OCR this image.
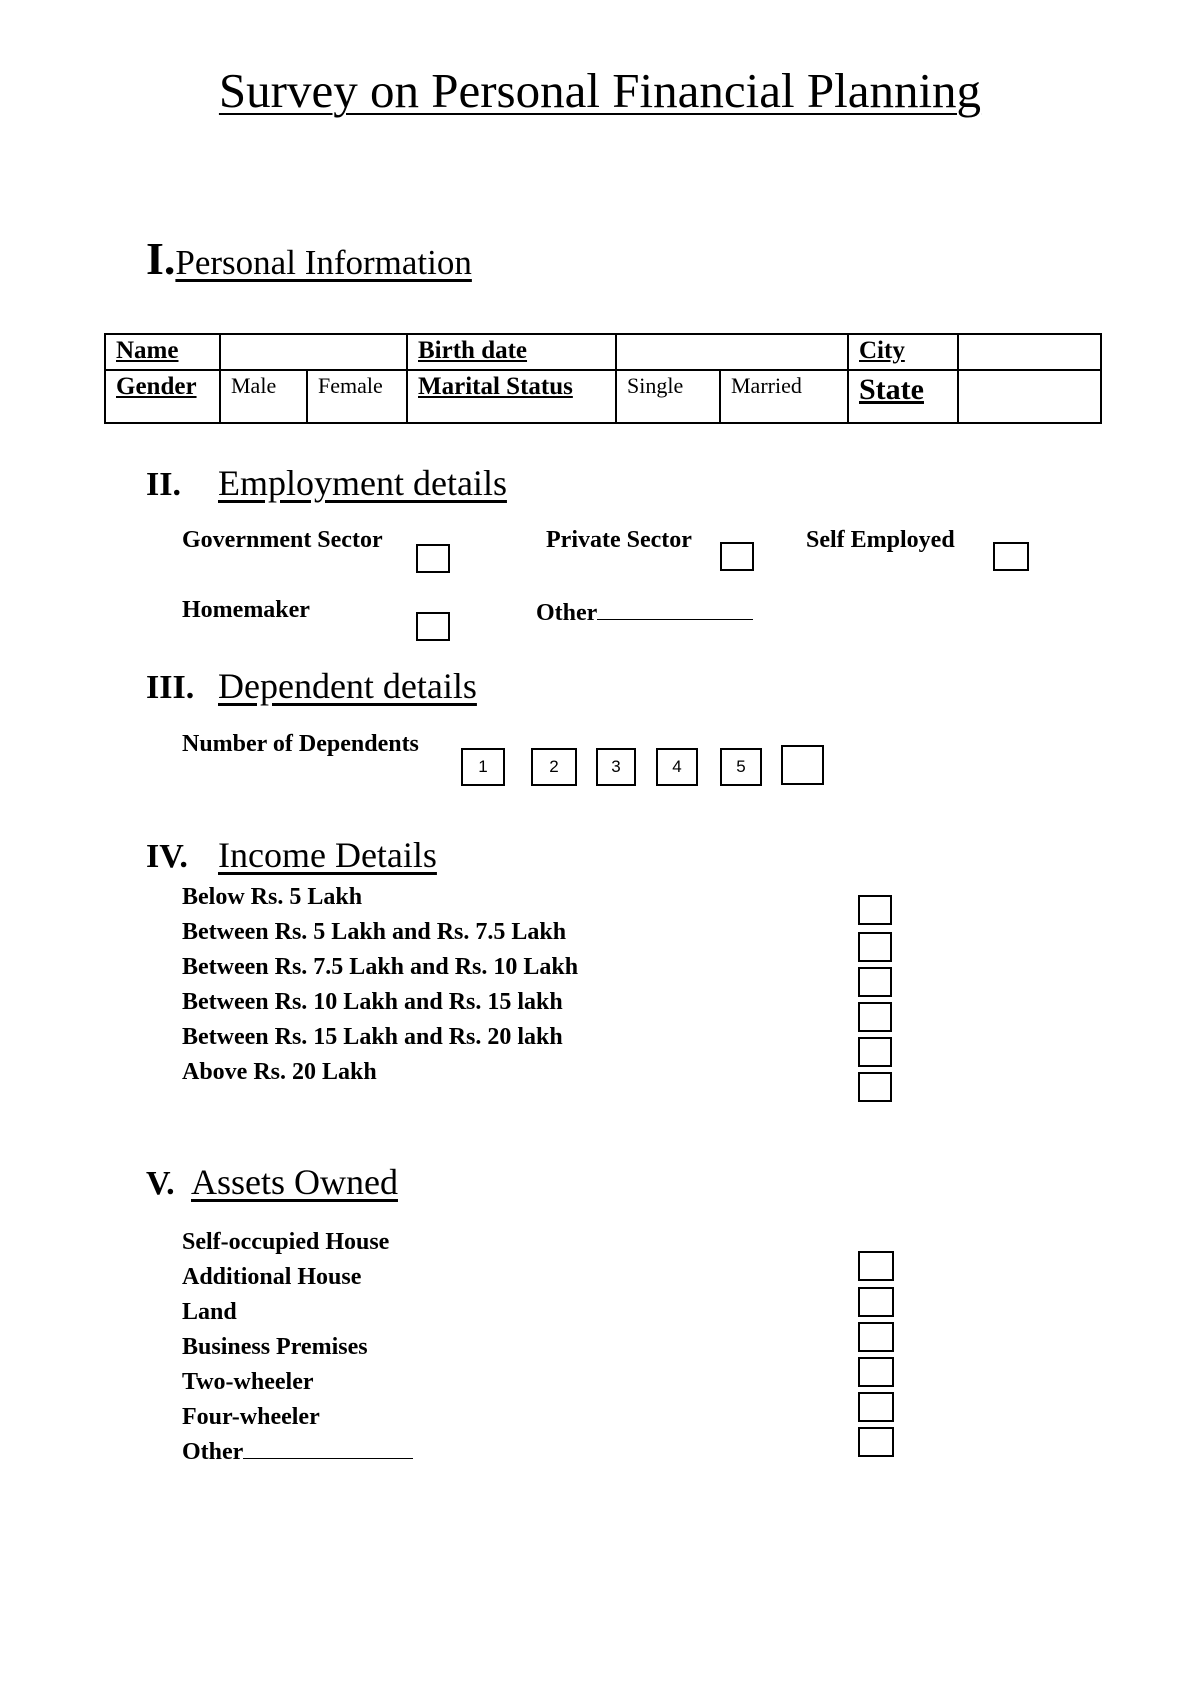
Survey on Personal Financial Planning
I.Personal Information
Name			Birth date			City	
Gender	Male	Female	Marital Status	Single	Married	State	
II. Employment details
Government Sector	Private Sector	Self Employed
Homemaker	Other
III. Dependent details
Number of Dependents
1	2	3	4	5
IV. Income Details
Below Rs. 5 Lakh
Between Rs. 5 Lakh and Rs. 7.5 Lakh
Between Rs. 7.5 Lakh and Rs. 10 Lakh
Between Rs. 10 Lakh and Rs. 15 lakh
Between Rs. 15 Lakh and Rs. 20 lakh
Above Rs. 20 Lakh
V. Assets Owned
Self-occupied House
Additional House
Land
Business Premises
Two-wheeler
Four-wheeler
Other
